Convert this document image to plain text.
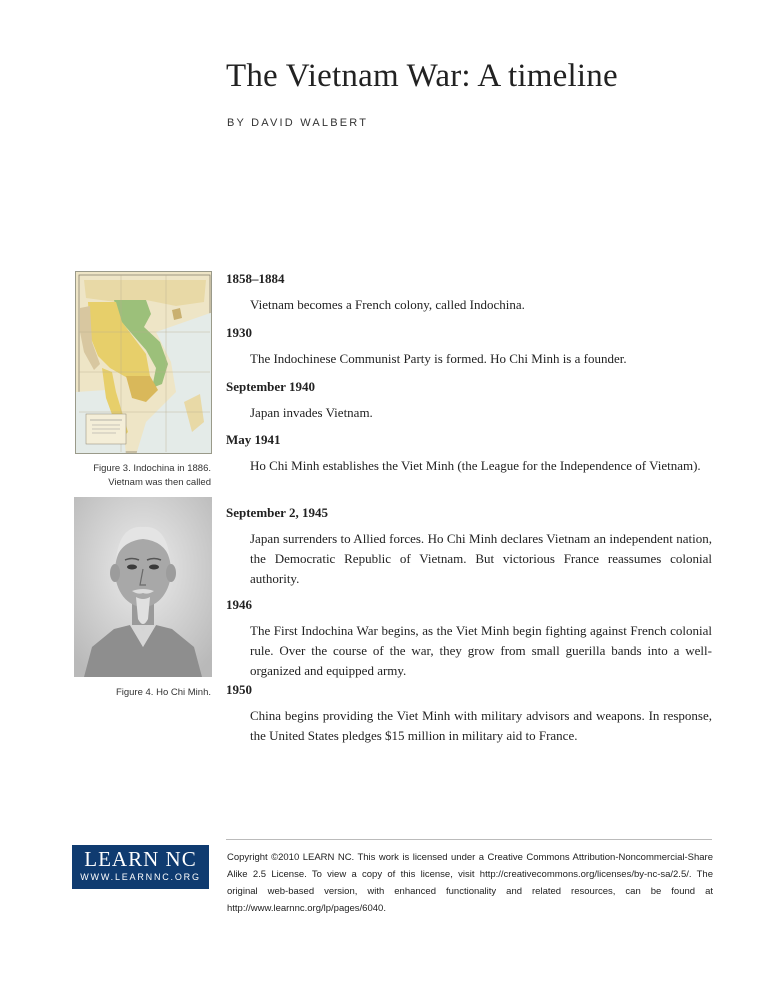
The Vietnam War: A timeline
BY DAVID WALBERT
Figure 3. Indochina in 1886. Vietnam was then called
Figure 4. Ho Chi Minh.
1858–1884
Vietnam becomes a French colony, called Indochina.
1930
The Indochinese Communist Party is formed. Ho Chi Minh is a founder.
September 1940
Japan invades Vietnam.
May 1941
Ho Chi Minh establishes the Viet Minh (the League for the Independence of Vietnam).
September 2, 1945
Japan surrenders to Allied forces. Ho Chi Minh declares Vietnam an independent nation, the Democratic Republic of Vietnam. But victorious France reassumes colonial authority.
1946
The First Indochina War begins, as the Viet Minh begin fighting against French colonial rule. Over the course of the war, they grow from small guerilla bands into a well-organized and equipped army.
1950
China begins providing the Viet Minh with military advisors and weapons. In response, the United States pledges $15 million in military aid to France.
LEARN NC
WWW.LEARNNC.ORG
Copyright ©2010 LEARN NC. This work is licensed under a Creative Commons Attribution-Noncommercial-Share Alike 2.5 License. To view a copy of this license, visit http://creativecommons.org/licenses/by-nc-sa/2.5/. The original web-based version, with enhanced functionality and related resources, can be found at http://www.learnnc.org/lp/pages/6040.
